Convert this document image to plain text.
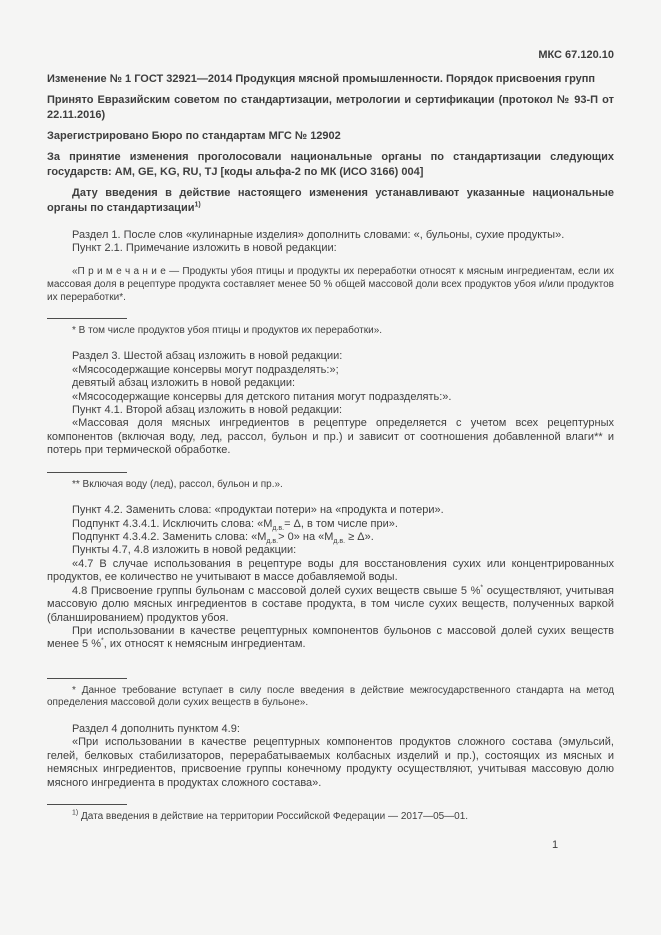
МКС 67.120.10

Изменение № 1 ГОСТ 32921—2014 Продукция мясной промышленности. Порядок присвоения групп

Принято Евразийским советом по стандартизации, метрологии и сертификации (протокол № 93-П от 22.11.2016)

Зарегистрировано Бюро по стандартам МГС № 12902

За принятие изменения проголосовали национальные органы по стандартизации следующих государств: AM, GE, KG, RU, TJ [коды альфа-2 по МК (ИСО 3166) 004]

Дату введения в действие настоящего изменения устанавливают указанные национальные органы по стандартизации$^{1)}$

Раздел 1. После слов «кулинарные изделия» дополнить словами: «, бульоны, сухие продукты».

Пункт 2.1. Примечание изложить в новой редакции:

«П р и м е ч а н и е — Продукты убоя птицы и продукты их переработки относят к мясным ингредиентам, если их массовая доля в рецептуре продукта составляет менее 50 % общей массовой доли всех продуктов убоя и/или продуктов их переработки*.

* В том числе продуктов убоя птицы и продуктов их переработки».

Раздел 3. Шестой абзац изложить в новой редакции:

«Мясосодержащие консервы могут подразделять:»;

девятый абзац изложить в новой редакции:

«Мясосодержащие консервы для детского питания могут подразделять:».

Пункт 4.1. Второй абзац изложить в новой редакции:

«Массовая доля мясных ингредиентов в рецептуре определяется с учетом всех рецептурных компонентов (включая воду, лед, рассол, бульон и пр.) и зависит от соотношения добавленной влаги** и потерь при термической обработке.

** Включая воду (лед), рассол, бульон и пр.».

Пункт 4.2. Заменить слова: «продуктаи потери» на «продукта и потери».

Подпункт 4.3.4.1. Исключить слова: «$М_{д.в.}= \Delta$, в том числе при».

Подпункт 4.3.4.2. Заменить слова: «$М_{д.в.}> 0$» на «$М_{д.в.} \ge \Delta$».

Пункты 4.7, 4.8 изложить в новой редакции:

«4.7 В случае использования в рецептуре воды для восстановления сухих или концентрированных продуктов, ее количество не учитывают в массе добавляемой воды.

4.8 Присвоение группы бульонам с массовой долей сухих веществ свыше 5 %* осуществляют, учитывая массовую долю мясных ингредиентов в составе продукта, в том числе сухих веществ, полученных варкой (бланшированием) продуктов убоя.

При использовании в качестве рецептурных компонентов бульонов с массовой долей сухих веществ менее 5 %*, их относят к немясным ингредиентам.

* Данное требование вступает в силу после введения в действие межгосударственного стандарта на метод определения массовой доли сухих веществ в бульоне».

Раздел 4 дополнить пунктом 4.9:

«При использовании в качестве рецептурных компонентов продуктов сложного состава (эмульсий, гелей, белковых стабилизаторов, перерабатываемых колбасных изделий и пр.), состоящих из мясных и немясных ингредиентов, присвоение группы конечному продукту осуществляют, учитывая массовую долю мясного ингредиента в продуктах сложного состава».

$^{1)}$ Дата введения в действие на территории Российской Федерации — 2017—05—01.

1
